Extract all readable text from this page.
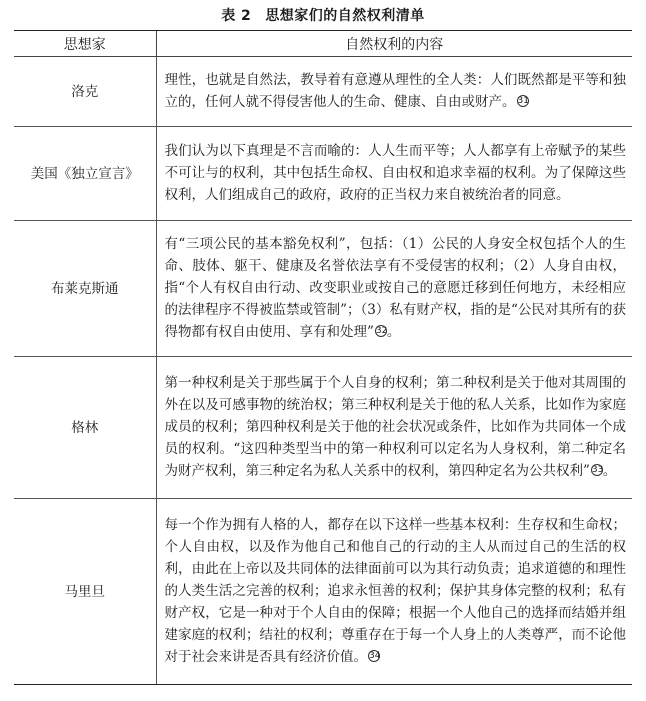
表 2 思想家们的自然权利清单
思想家	自然权利的内容
洛克	理性，也就是自然法，教导着有意遵从理性的全人类：人们既然都是平等和独立的，任何人就不得侵害他人的生命、健康、自由或财产。 31
美国《独立宣言》	我们认为以下真理是不言而喻的：人人生而平等；人人都享有上帝赋予的某些不可让与的权利，其中包括生命权、自由权和追求幸福的权利。为了保障这些权利，人们组成自己的政府，政府的正当权力来自被统治者的同意。
布莱克斯通	有“三项公民的基本豁免权利”，包括：（1）公民的人身安全权包括个人的生命、肢体、躯干、健康及名誉依法享有不受侵害的权利；（2）人身自由权，指“个人有权自由行动、改变职业或按自己的意愿迁移到任何地方，未经相应的法律程序不得被监禁或管制”；（3）私有财产权，指的是“公民对其所有的获得物都有权自由使用、享有和处理” 32。
格林	第一种权利是关于那些属于个人自身的权利；第二种权利是关于他对其周围的外在以及可感事物的统治权；第三种权利是关于他的私人关系，比如作为家庭成员的权利；第四种权利是关于他的社会状况或条件，比如作为共同体一个成员的权利。“这四种类型当中的第一种权利可以定名为人身权利，第二种定名为财产权利，第三种定名为私人关系中的权利，第四种定名为公共权利” 33。
马里旦	每一个作为拥有人格的人，都存在以下这样一些基本权利：生存权和生命权；个人自由权，以及作为他自己和他自己的行动的主人从而过自己的生活的权利，由此在上帝以及共同体的法律面前可以为其行动负责；追求道德的和理性的人类生活之完善的权利；追求永恒善的权利；保护其身体完整的权利；私有财产权，它是一种对于个人自由的保障；根据一个人他自己的选择而结婚并组建家庭的权利；结社的权利；尊重存在于每一个人身上的人类尊严，而不论他对于社会来讲是否具有经济价值。 34
